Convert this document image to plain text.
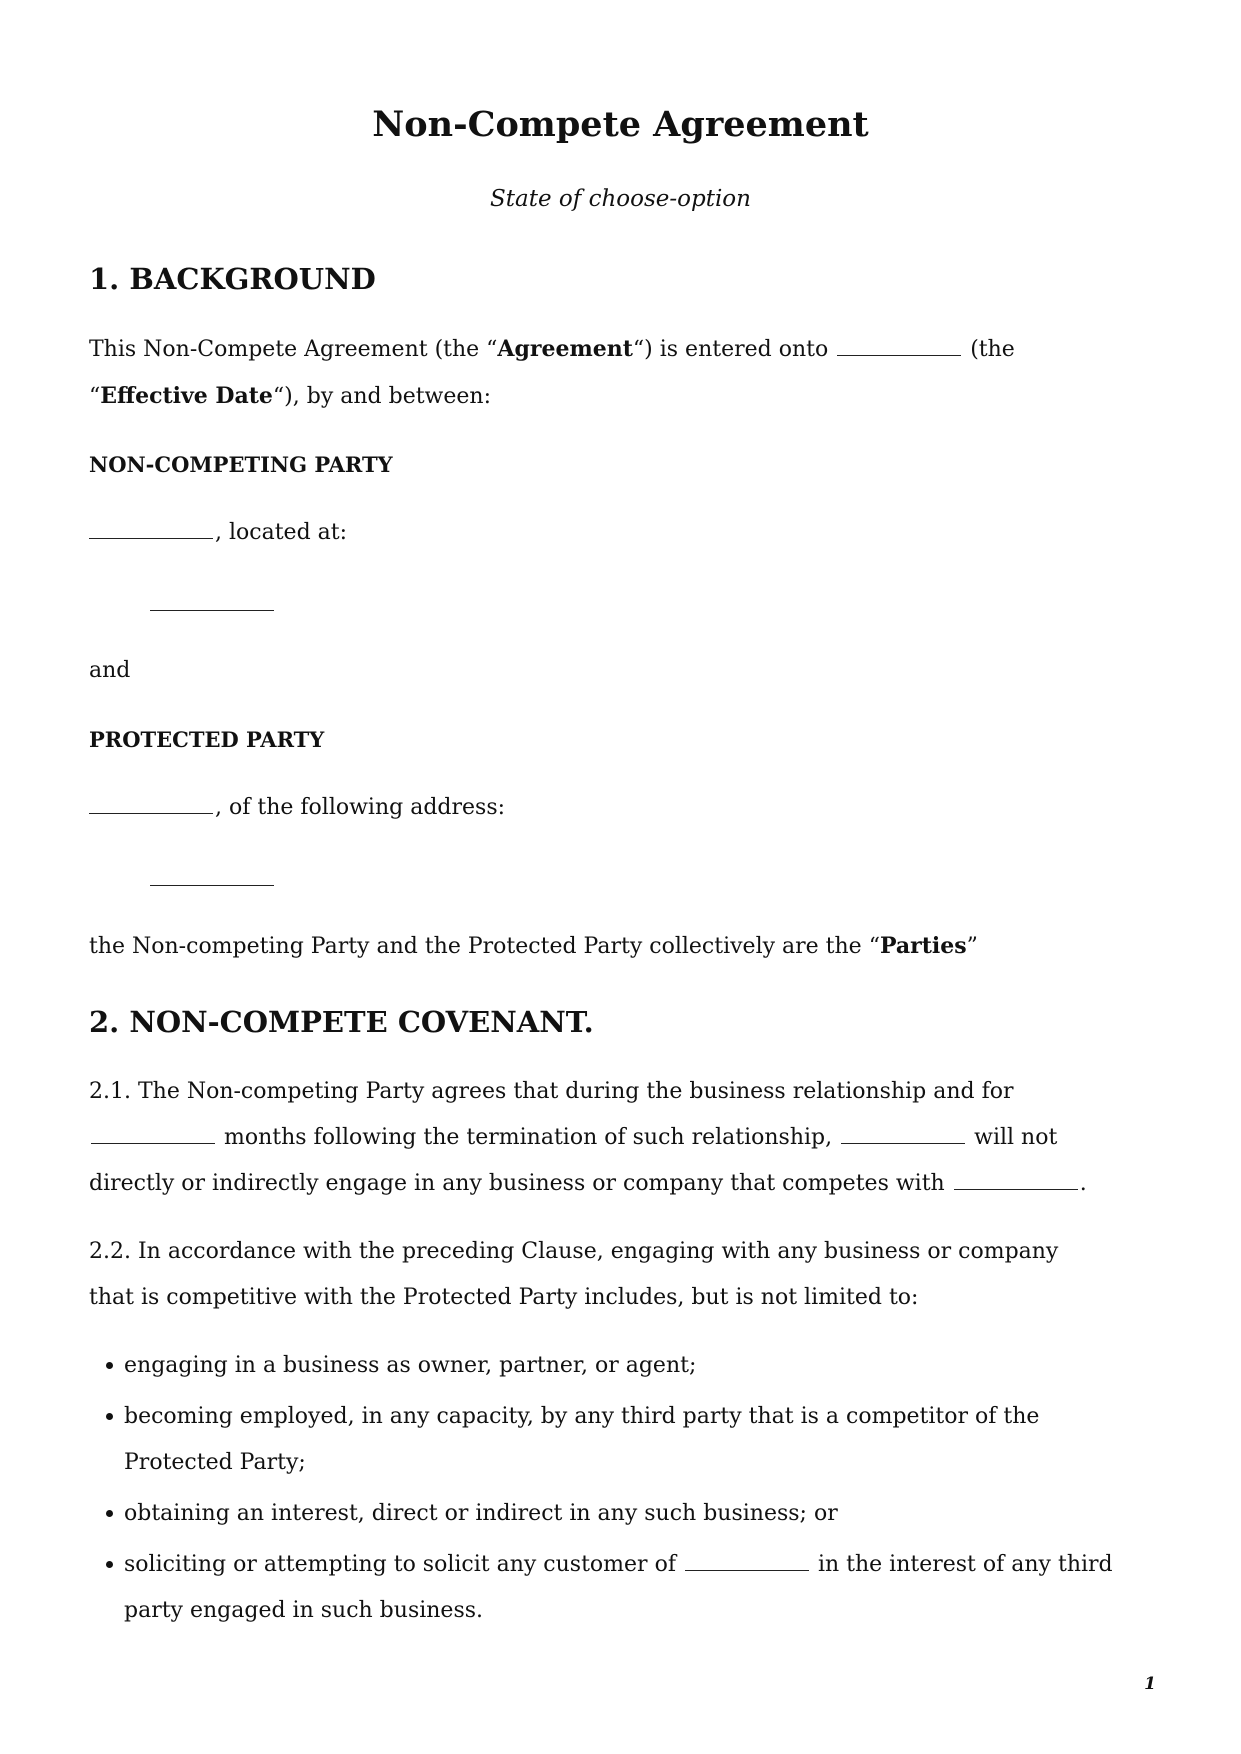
Non-Compete Agreement
State of choose-option
1. BACKGROUND
This Non-Compete Agreement (the “Agreement“) is entered onto	(the “Effective Date“), by and between:
NON-COMPETING PARTY
, located at:
and
PROTECTED PARTY
, of the following address:
the Non-competing Party and the Protected Party collectively are the “Parties”
2. NON-COMPETE COVENANT.
2.1. The Non-competing Party agrees that during the business relationship and for  months following the termination of such relationship,	will not directly or indirectly engage in any business or company that competes with	.
2.2. In accordance with the preceding Clause, engaging with any business or company that is competitive with the Protected Party includes, but is not limited to:
engaging in a business as owner, partner, or agent;
becoming employed, in any capacity, by any third party that is a competitor of the Protected Party;
obtaining an interest, direct or indirect in any such business; or
soliciting or attempting to solicit any customer of	in the interest of any third party engaged in such business.
1
